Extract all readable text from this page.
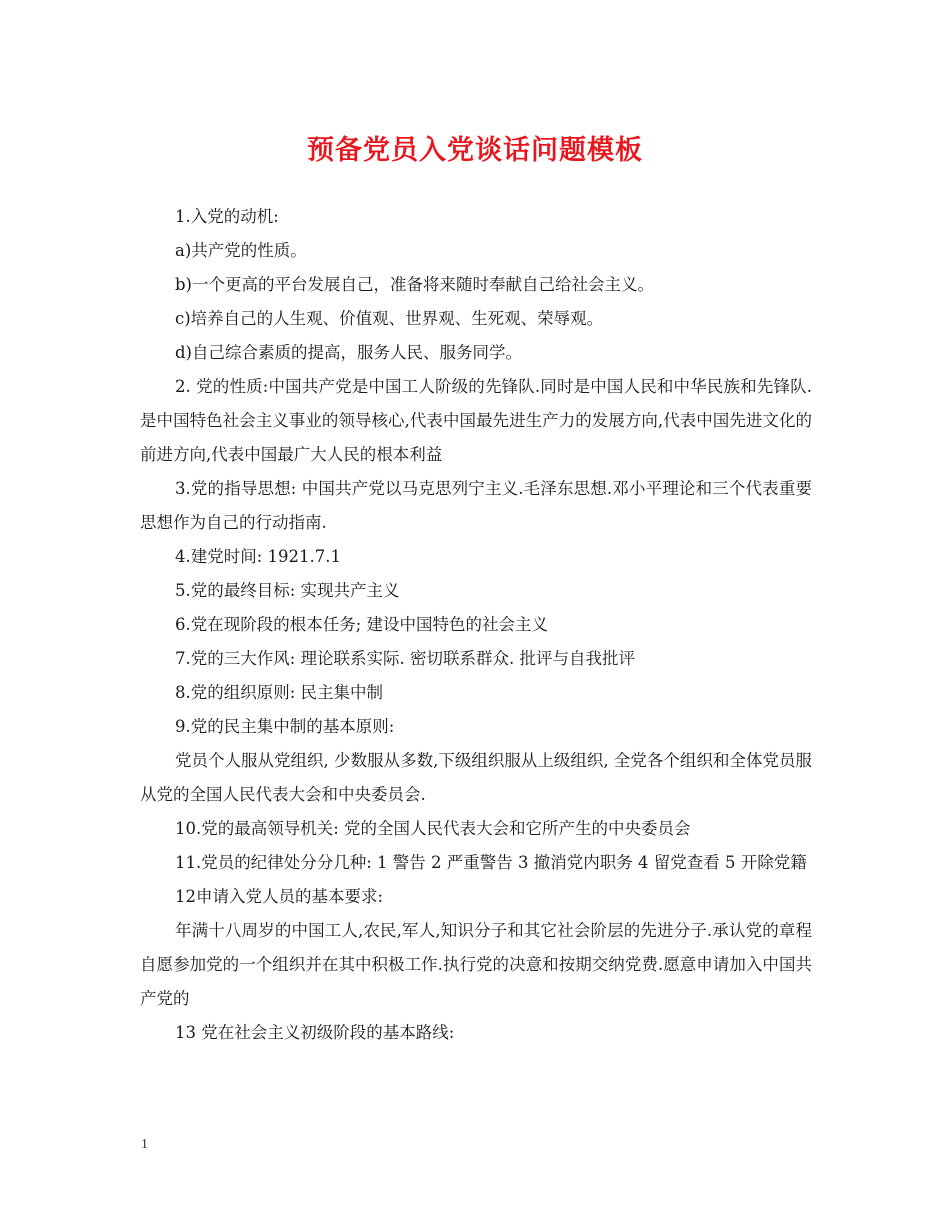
预备党员入党谈话问题模板

1.入党的动机:

a)共产党的性质。

b)一个更高的平台发展自己，准备将来随时奉献自己给社会主义。

c)培养自己的人生观、价值观、世界观、生死观、荣辱观。

d)自己综合素质的提高，服务人民、服务同学。

2. 党的性质:中国共产党是中国工人阶级的先锋队.同时是中国人民和中华民族和先锋队.是中国特色社会主义事业的领导核心,代表中国最先进生产力的发展方向,代表中国先进文化的前进方向,代表中国最广大人民的根本利益

3.党的指导思想: 中国共产党以马克思列宁主义.毛泽东思想.邓小平理论和三个代表重要思想作为自己的行动指南.

4.建党时间: 1921.7.1

5.党的最终目标: 实现共产主义

6.党在现阶段的根本任务; 建设中国特色的社会主义

7.党的三大作风: 理论联系实际. 密切联系群众. 批评与自我批评

8.党的组织原则: 民主集中制

9.党的民主集中制的基本原则:

党员个人服从党组织, 少数服从多数,下级组织服从上级组织, 全党各个组织和全体党员服从党的全国人民代表大会和中央委员会.

10.党的最高领导机关: 党的全国人民代表大会和它所产生的中央委员会

11.党员的纪律处分分几种: 1 警告 2 严重警告 3 撤消党内职务 4 留党查看 5 开除党籍

12申请入党人员的基本要求:

年满十八周岁的中国工人,农民,军人,知识分子和其它社会阶层的先进分子.承认党的章程自愿参加党的一个组织并在其中积极工作.执行党的决意和按期交纳党费.愿意申请加入中国共产党的

13 党在社会主义初级阶段的基本路线:

1
